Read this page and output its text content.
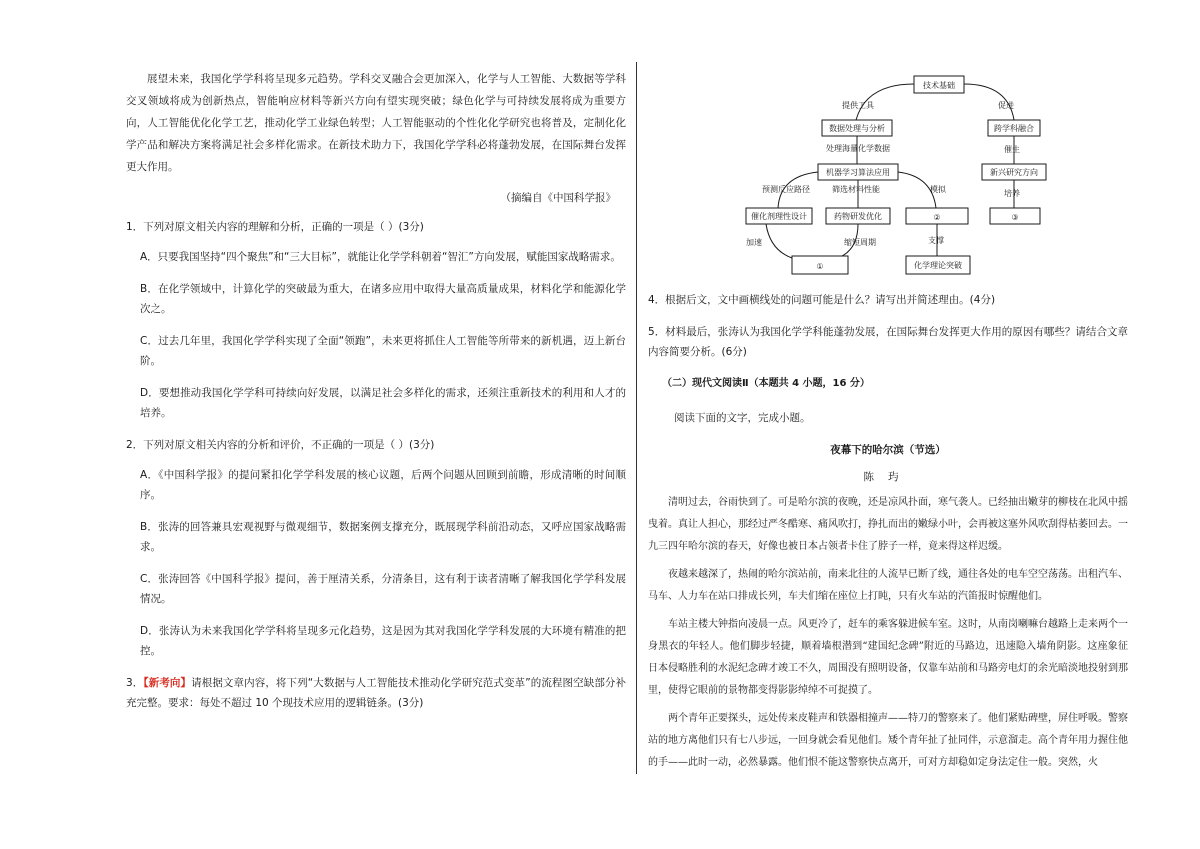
展望未来，我国化学学科将呈现多元趋势。学科交叉融合会更加深入，化学与人工智能、大数据等学科交叉领域将成为创新热点，智能响应材料等新兴方向有望实现突破；绿色化学与可持续发展将成为重要方向，人工智能优化化学工艺，推动化学工业绿色转型；人工智能驱动的个性化化学研究也将普及，定制化化学产品和解决方案将满足社会多样化需求。在新技术助力下，我国化学学科必将蓬勃发展，在国际舞台发挥更大作用。

（摘编自《中国科学报》

1．下列对原文相关内容的理解和分析，正确的一项是（ ）(3分)

A．只要我国坚持“四个聚焦”和“三大目标”，就能让化学学科朝着“智汇”方向发展，赋能国家战略需求。

B．在化学领域中，计算化学的突破最为重大，在诸多应用中取得大量高质量成果，材料化学和能源化学次之。

C．过去几年里，我国化学学科实现了全面“领跑”，未来更将抓住人工智能等所带来的新机遇，迈上新台阶。

D．要想推动我国化学学科可持续向好发展，以满足社会多样化的需求，还须注重新技术的利用和人才的培养。

2．下列对原文相关内容的分析和评价，不正确的一项是（ ）(3分)

A．《中国科学报》的提问紧扣化学学科发展的核心议题，后两个问题从回顾到前瞻，形成清晰的时间顺序。

B．张涛的回答兼具宏观视野与微观细节，数据案例支撑充分，既展现学科前沿动态，又呼应国家战略需求。

C．张涛回答《中国科学报》提问，善于厘清关系，分清条目，这有利于读者清晰了解我国化学学科发展情况。

D．张涛认为未来我国化学学科将呈现多元化趋势，这是因为其对我国化学学科发展的大环境有精准的把控。

3．【新考向】请根据文章内容，将下列“大数据与人工智能技术推动化学研究范式变革”的流程图空缺部分补充完整。要求：每处不超过 10 个现技术应用的逻辑链条。(3分)

技术基础
提供工具	促进
数据处理与分析	跨学科融合
处理海量化学数据	催生
机器学习算法应用	新兴研究方向
预测反应路径	筛选材料性能	模拟	培养
催化剂理性设计	药物研发优化	②	③
加速	缩短周期	支撑
①	化学理论突破

4．根据后文，文中画横线处的问题可能是什么？请写出并简述理由。(4分)

5．材料最后，张涛认为我国化学学科能蓬勃发展，在国际舞台发挥更大作用的原因有哪些？请结合文章内容简要分析。(6分)

（二）现代文阅读Ⅱ（本题共 4 小题，16 分）

阅读下面的文字，完成小题。

夜幕下的哈尔滨（节选）

陈玙

清明过去，谷雨快到了。可是哈尔滨的夜晚，还是凉风扑面，寒气袭人。已经抽出嫩芽的柳枝在北风中摇曳着。真让人担心，那经过严冬酷寒、痛风吹打，挣扎而出的嫩绿小叶，会再被这塞外风吹刮得枯萎回去。一九三四年哈尔滨的春天，好像也被日本占领者卡住了脖子一样，竟来得这样迟缓。

夜越来越深了，热闹的哈尔滨站前，南来北往的人流早已断了线，通往各处的电车空空荡荡。出租汽车、马车、人力车在站口排成长列，车夫们缩在座位上打盹，只有火车站的汽笛报时惊醒他们。

车站主楼大钟指向凌晨一点。风更冷了，赶车的乘客躲进候车室。这时，从南岗喇嘛台越路上走来两个一身黑衣的年轻人。他们脚步轻捷，顺着墙根潜到“建国纪念碑”附近的马路边，迅速隐入墙角阴影。这座象征日本侵略胜利的水泥纪念碑才竣工不久，周围没有照明设备，仅靠车站前和马路旁电灯的余光暗淡地投射到那里，使得它眼前的景物都变得影影绰绰不可捉摸了。

两个青年正要探头，远处传来皮鞋声和铁器相撞声——特刀的警察来了。他们紧贴碑壁，屏住呼吸。警察站的地方离他们只有七八步远，一回身就会看见他们。矮个青年扯了扯同伴，示意溜走。高个青年用力握住他的手——此时一动，必然暴露。他们恨不能这警察快点离开，可对方却稳如定身法定住一般。突然，火
